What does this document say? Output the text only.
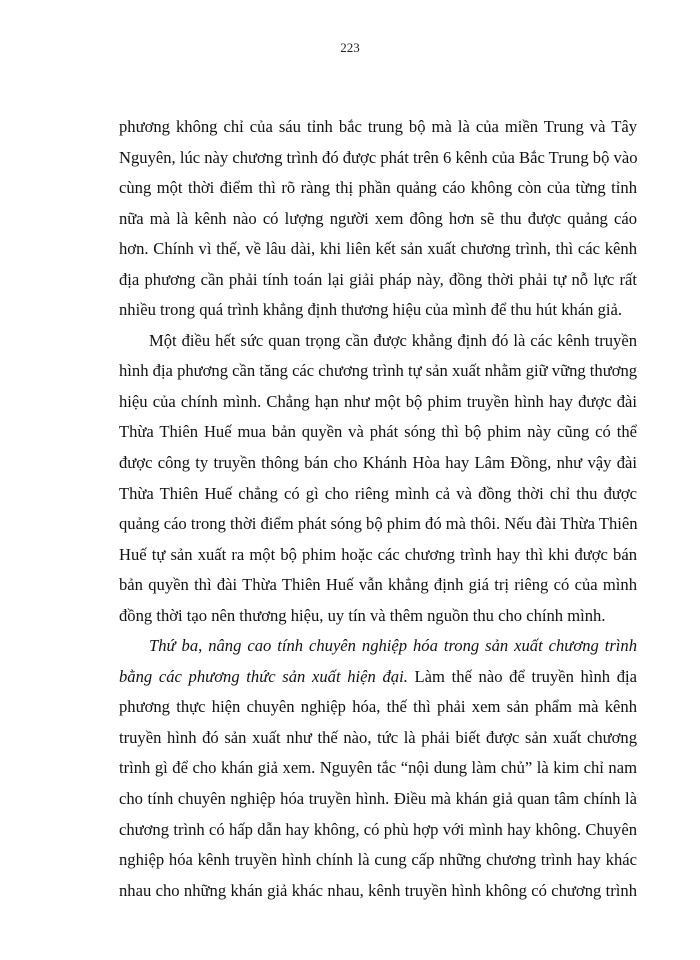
223
phương không chỉ của sáu tỉnh bắc trung bộ mà là của miền Trung và Tây
Nguyên, lúc này chương trình đó được phát trên 6 kênh của Bắc Trung bộ vào
cùng một thời điểm thì rõ ràng thị phần quảng cáo không còn của từng tỉnh
nữa mà là kênh nào có lượng người xem đông hơn sẽ thu được quảng cáo
hơn. Chính vì thế, về lâu dài, khi liên kết sản xuất chương trình, thì các kênh
địa phương cần phải tính toán lại giải pháp này, đồng thời phải tự nỗ lực rất
nhiều trong quá trình khẳng định thương hiệu của mình để thu hút khán giả.
Một điều hết sức quan trọng cần được khẳng định đó là các kênh truyền
hình địa phương cần tăng các chương trình tự sản xuất nhằm giữ vững thương
hiệu của chính mình. Chẳng hạn như một bộ phim truyền hình hay được đài
Thừa Thiên Huế mua bản quyền và phát sóng thì bộ phim này cũng có thể
được công ty truyền thông bán cho Khánh Hòa hay Lâm Đồng, như vậy đài
Thừa Thiên Huế chẳng có gì cho riêng mình cả và đồng thời chỉ thu được
quảng cáo trong thời điểm phát sóng bộ phim đó mà thôi. Nếu đài Thừa Thiên
Huế tự sản xuất ra một bộ phim hoặc các chương trình hay thì khi được bán
bản quyền thì đài Thừa Thiên Huế vẫn khẳng định giá trị riêng có của mình
đồng thời tạo nên thương hiệu, uy tín và thêm nguồn thu cho chính mình.
Thứ ba, nâng cao tính chuyên nghiệp hóa trong sản xuất chương trình
bằng các phương thức sản xuất hiện đại. Làm thế nào để truyền hình địa
phương thực hiện chuyên nghiệp hóa, thế thì phải xem sản phẩm mà kênh
truyền hình đó sản xuất như thế nào, tức là phải biết được sản xuất chương
trình gì để cho khán giả xem. Nguyên tắc “nội dung làm chủ” là kim chỉ nam
cho tính chuyên nghiệp hóa truyền hình. Điều mà khán giả quan tâm chính là
chương trình có hấp dẫn hay không, có phù hợp với mình hay không. Chuyên
nghiệp hóa kênh truyền hình chính là cung cấp những chương trình hay khác
nhau cho những khán giả khác nhau, kênh truyền hình không có chương trình
